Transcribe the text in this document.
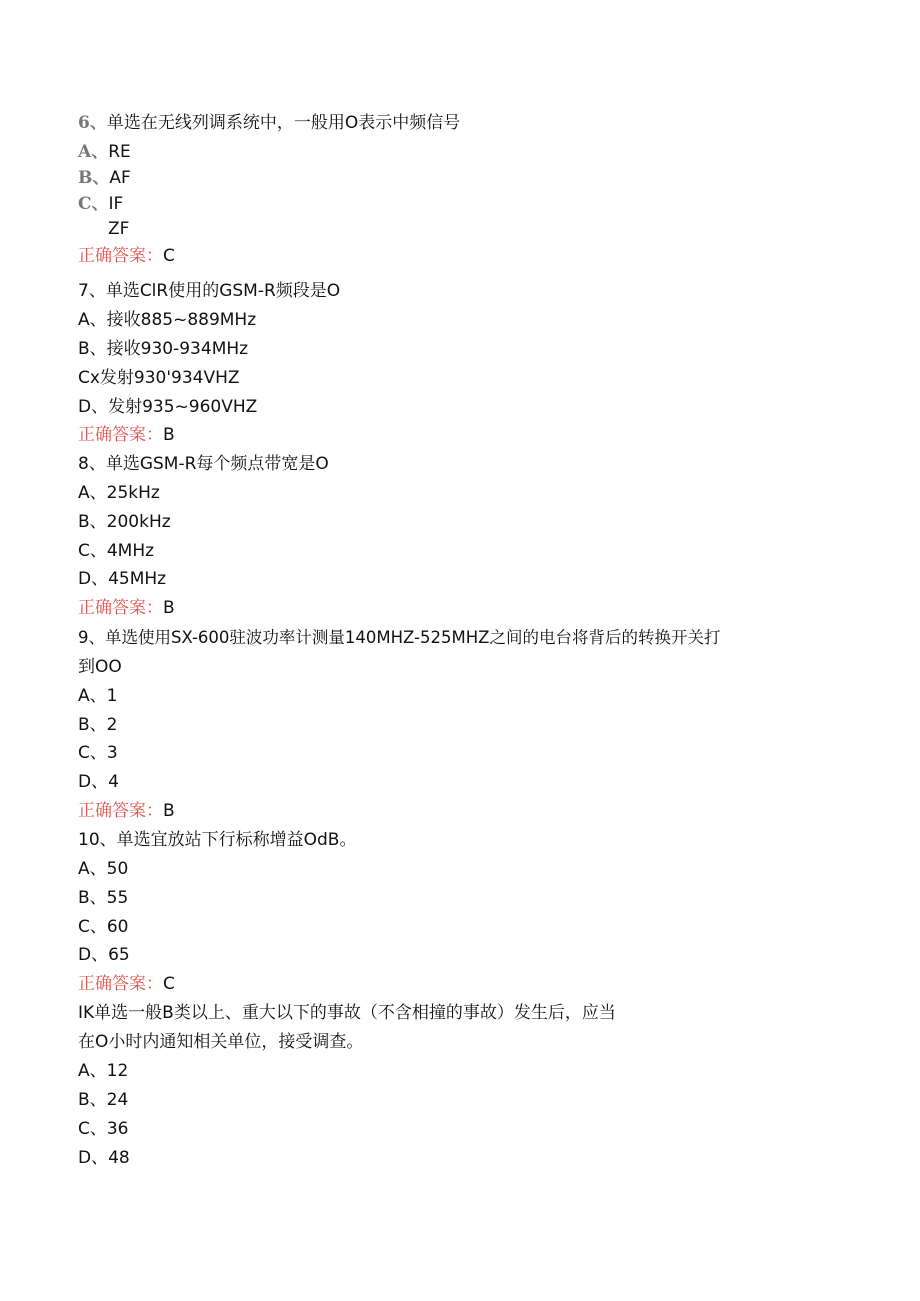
6、单选在无线列调系统中，一般用O表示中频信号
A、RE
B、AF
C、IF
ZF
正确答案：C
7、单选ClR使用的GSM-R频段是O
A、接收885~889MHz
B、接收930-934MHz
Cx发射930'934VHZ
D、发射935~960VHZ
正确答案：B
8、单选GSM-R每个频点带宽是O
A、25kHz
B、200kHz
C、4MHz
D、45MHz
正确答案：B
9、单选使用SX-600驻波功率计测量140MHZ-525MHZ之间的电台将背后的转换开关打
到OO
A、1
B、2
C、3
D、4
正确答案：B
10、单选宜放站下行标称增益OdB。
A、50
B、55
C、60
D、65
正确答案：C
IK单选一般B类以上、重大以下的事故（不含相撞的事故）发生后，应当
在O小时内通知相关单位，接受调查。
A、12
B、24
C、36
D、48
